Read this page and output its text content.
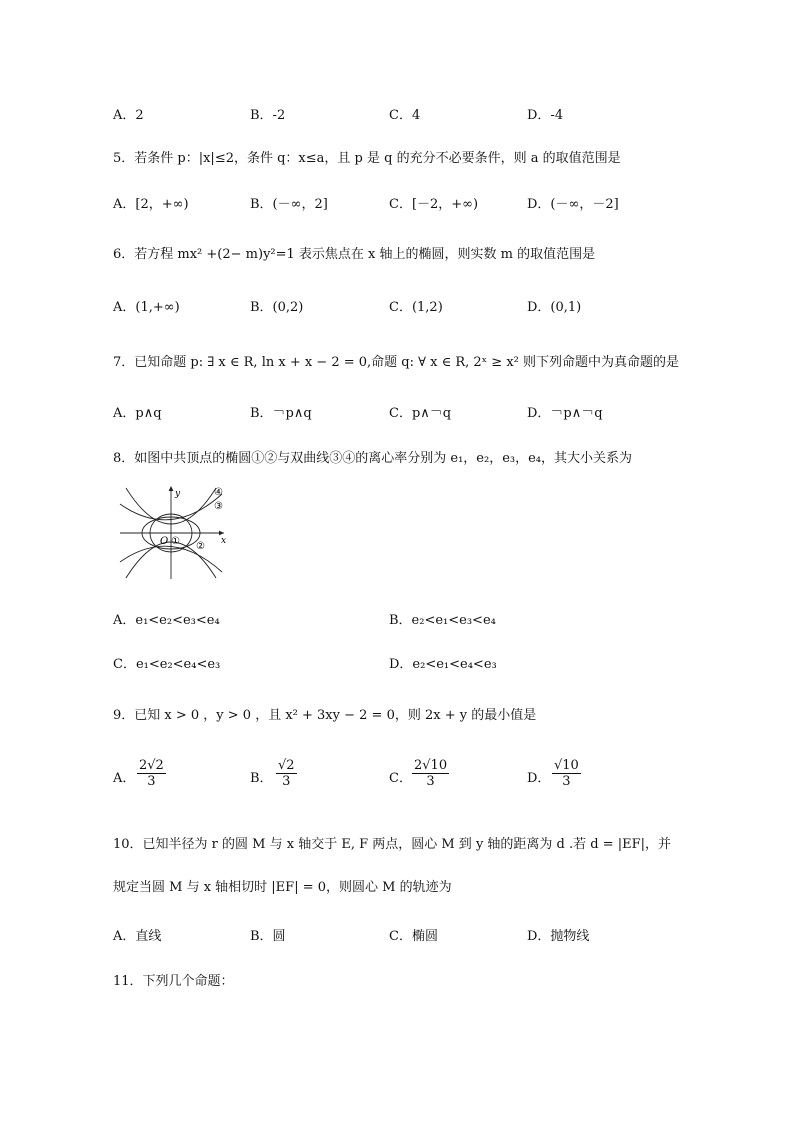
A．2	B．-2	C．4	D．-4
5．若条件 p：|x|≤2，条件 q：x≤a，且 p 是 q 的充分不必要条件，则 a 的取值范围是
A．[2，+∞)	B．(－∞，2]	C．[－2，+∞)	D．(－∞，－2]
6．若方程 mx² +(2− m)y²=1 表示焦点在 x 轴上的椭圆，则实数 m 的取值范围是
A．(1,+∞)	B．(0,2)	C．(1,2)	D．(0,1)
7．已知命题 p: ∃ x ∈ R, ln x + x − 2 = 0,命题 q: ∀ x ∈ R, 2ˣ ≥ x² 则下列命题中为真命题的是
A．p∧q	B．￢p∧q	C．p∧￢q	D．￢p∧￢q
8．如图中共顶点的椭圆①②与双曲线③④的离心率分别为 e₁，e₂，e₃，e₄，其大小关系为
y
x
O ① ②
③
④
A．e₁<e₂<e₃<e₄	B．e₂<e₁<e₃<e₄
C．e₁<e₂<e₄<e₃	D．e₂<e₁<e₄<e₃
9．已知 x > 0 ，y > 0 ，且 x² + 3xy − 2 = 0，则 2x + y 的最小值是
A． $\frac{2√2}{3}$	B． $\frac{√2}{3}$	C． $\frac{2√10}{3}$	D． $\frac{√10}{3}$
10．已知半径为 r 的圆 M 与 x 轴交于 E, F 两点，圆心 M 到 y 轴的距离为 d .若 d = |EF|，并
规定当圆 M 与 x 轴相切时 |EF| = 0，则圆心 M 的轨迹为
A．直线	B．圆	C．椭圆	D．抛物线
11．下列几个命题：
